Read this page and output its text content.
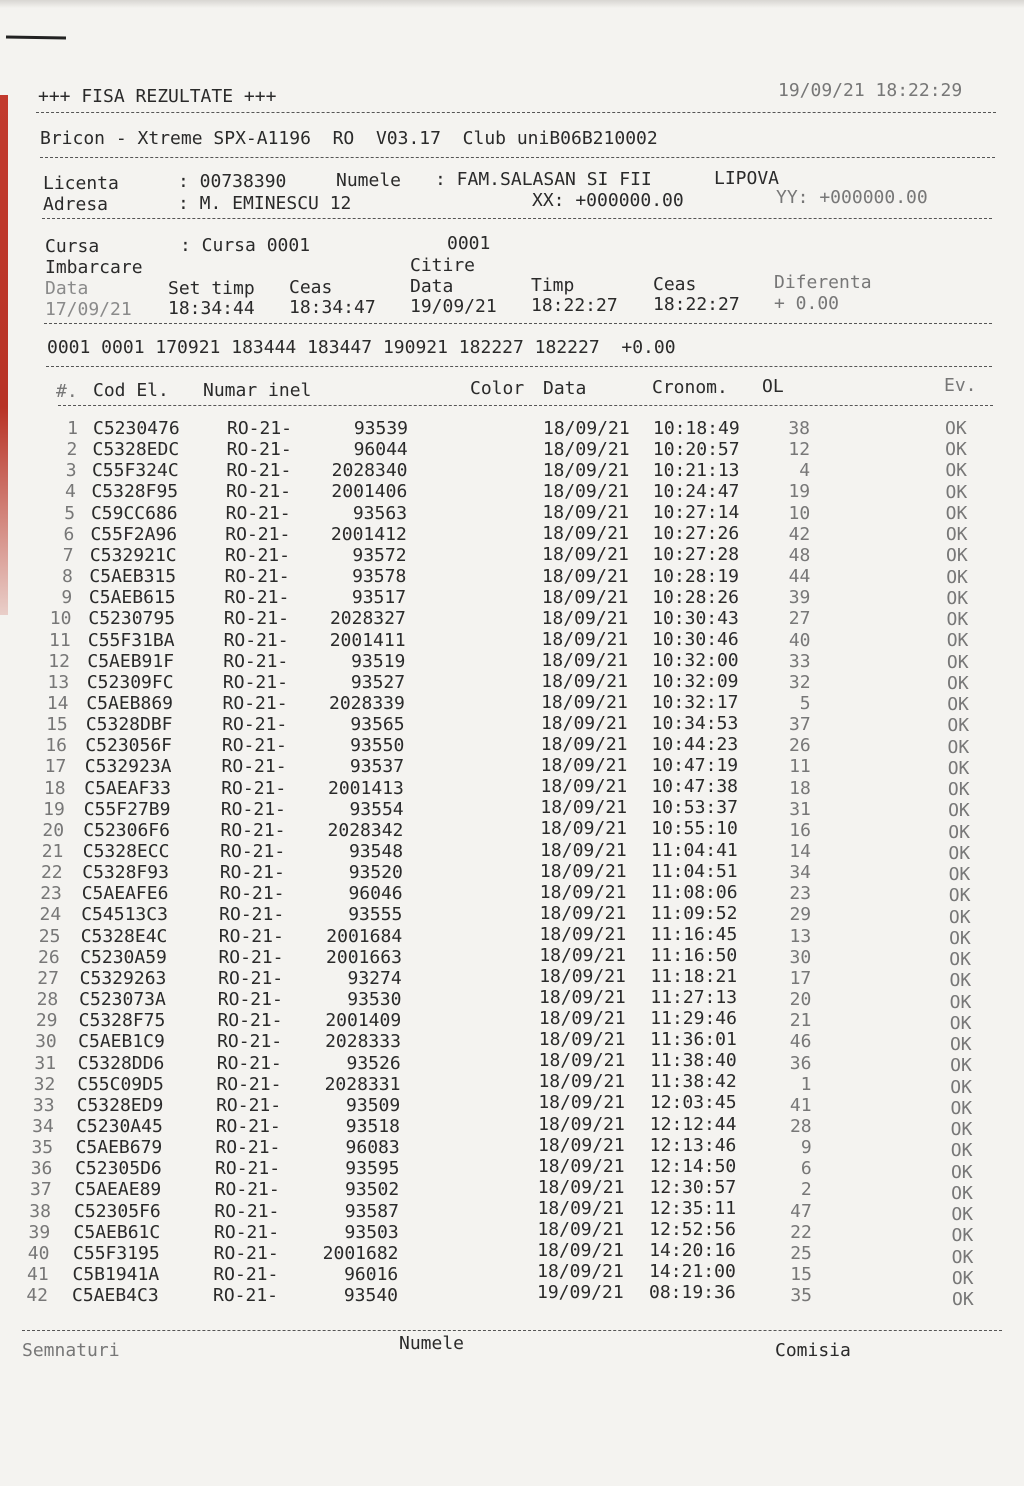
+++ FISA REZULTATE +++	19/09/21 18:22:29
Bricon - Xtreme SPX-A1196  RO  V03.17  Club uniB06B210002
Licenta	: 00738390	Numele : FAM.SALASAN SI FII	LIPOVA
Adresa	: M. EMINESCU 12	XX: +000000.00	YY: +000000.00
Cursa	: Cursa 0001	0001
Imbarcare	Citire
Data	Set timp Ceas	Data	Timp	Ceas	Diferenta
17/09/21 18:34:44 18:34:47 19/09/21 18:22:27 18:22:27 + 0.00
0001 0001 170921 183444 183447 190921 182227 182227  +0.00
#. Cod El. Numar inel	Color Data	Cronom. OL	Ev.
1 C5230476	RO-21-	93539	18/09/21 10:18:49	38	OK
2 C5328EDC	RO-21-	96044	18/09/21 10:20:57	12	OK
3 C55F324C	RO-21- 2028340	18/09/21 10:21:13	4	OK
4 C5328F95	RO-21- 2001406	18/09/21 10:24:47	19	OK
5 C59CC686	RO-21-	93563	18/09/21 10:27:14	10	OK
6 C55F2A96	RO-21- 2001412	18/09/21 10:27:26	42	OK
7 C532921C	RO-21-	93572	18/09/21 10:27:28	48	OK
8 C5AEB315	RO-21-	93578	18/09/21 10:28:19	44	OK
9 C5AEB615	RO-21-	93517	18/09/21 10:28:26	39	OK
10 C5230795	RO-21- 2028327	18/09/21 10:30:43	27	OK
11 C55F31BA	RO-21- 2001411	18/09/21 10:30:46	40	OK
12 C5AEB91F	RO-21-	93519	18/09/21 10:32:00	33	OK
13 C52309FC	RO-21-	93527	18/09/21 10:32:09	32	OK
14 C5AEB869	RO-21- 2028339	18/09/21 10:32:17	5	OK
15 C5328DBF	RO-21-	93565	18/09/21 10:34:53	37	OK
16 C523056F	RO-21-	93550	18/09/21 10:44:23	26	OK
17 C532923A	RO-21-	93537	18/09/21 10:47:19	11	OK
18 C5AEAF33	RO-21- 2001413	18/09/21 10:47:38	18	OK
19 C55F27B9	RO-21-	93554	18/09/21 10:53:37	31	OK
20 C52306F6	RO-21- 2028342	18/09/21 10:55:10	16	OK
21 C5328ECC	RO-21-	93548	18/09/21 11:04:41	14	OK
22 C5328F93	RO-21-	93520	18/09/21 11:04:51	34	OK
23 C5AEAFE6	RO-21-	96046	18/09/21 11:08:06	23	OK
24 C54513C3	RO-21-	93555	18/09/21 11:09:52	29	OK
25 C5328E4C	RO-21- 2001684	18/09/21 11:16:45	13	OK
26 C5230A59	RO-21- 2001663	18/09/21 11:16:50	30	OK
27 C5329263	RO-21-	93274	18/09/21 11:18:21	17	OK
28 C523073A	RO-21-	93530	18/09/21 11:27:13	20	OK
29 C5328F75	RO-21- 2001409	18/09/21 11:29:46	21	OK
30 C5AEB1C9	RO-21- 2028333	18/09/21 11:36:01	46	OK
31 C5328DD6	RO-21-	93526	18/09/21 11:38:40	36	OK
32 C55C09D5	RO-21- 2028331	18/09/21 11:38:42	1	OK
33 C5328ED9	RO-21-	93509	18/09/21 12:03:45	41	OK
34 C5230A45	RO-21-	93518	18/09/21 12:12:44	28	OK
35 C5AEB679	RO-21-	96083	18/09/21 12:13:46	9	OK
36 C52305D6	RO-21-	93595	18/09/21 12:14:50	6	OK
37 C5AEAE89	RO-21-	93502	18/09/21 12:30:57	2	OK
38 C52305F6	RO-21-	93587	18/09/21 12:35:11	47	OK
39 C5AEB61C	RO-21-	93503	18/09/21 12:52:56	22	OK
40 C55F3195	RO-21- 2001682	18/09/21 14:20:16	25	OK
41 C5B1941A	RO-21-	96016	18/09/21 14:21:00	15	OK
42 C5AEB4C3	RO-21-	93540	19/09/21 08:19:36	35	OK
Semnaturi	Numele	Comisia
